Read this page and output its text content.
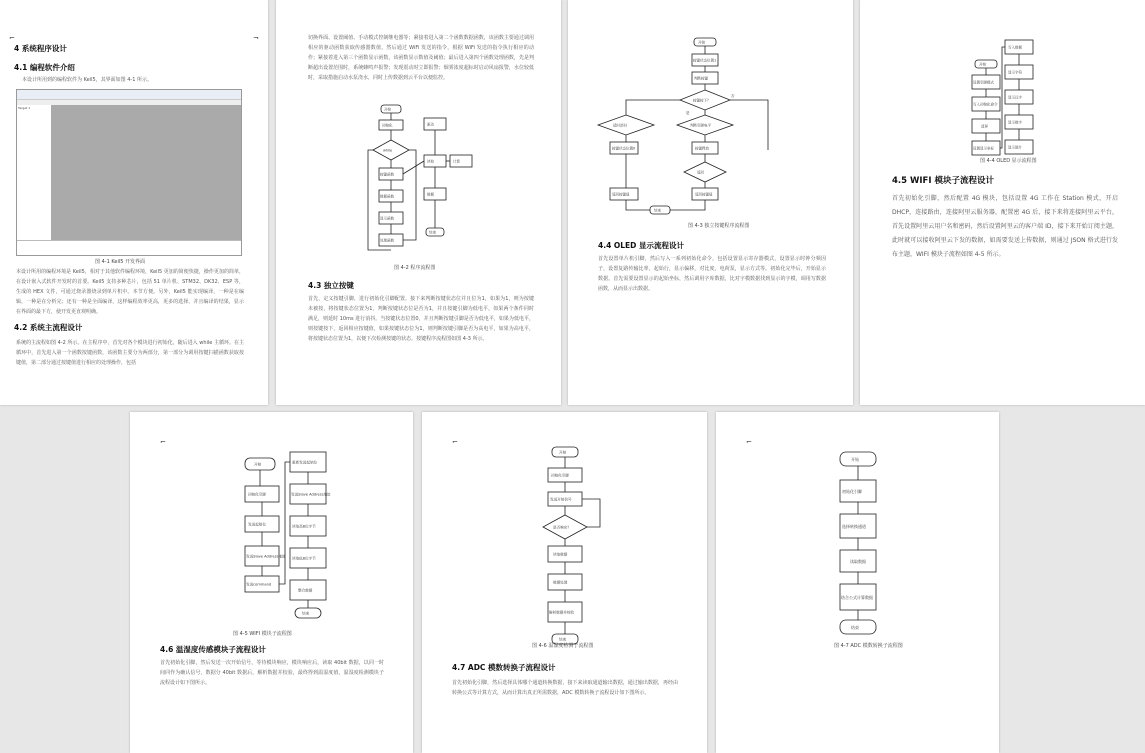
⌐	¬
4 系统程序设计
4.1 编程软件介绍
本设计所用到的编程软件为 Keil5，其界面如图 4-1 所示。
Target 1
图 4-1 Keil5 开发界面
本设计所用的编程环境是 Keil5，相对于其他软件编程环境，Keil5 更加的简便快捷，操作更加的简单，在设计嵌入式软件开发时的首要。Keil5 支持多种芯片，包括 51 单片机、STM32、DK32、ESP 等，生成的 HEX 文件，可通过烧录器烧录到单片机中。本节方便。另外，Keil5 能实现编译，一种是在编辑，一种是在分析完；还有一种是全面编译，这样编程效率更高，更多的选择，并且编译的结果，显示在界面的最下方，使开发更直观明确。
4.2 系统主流程设计
系统的主流程如图 4-2 所示。在主程序中，首先对各个模块进行初始化，随后进入 while 主循环。在主循环中，首先进入第一个函数按键函数，该函数主要分为两部分，第一部分为调用按键扫描函数获取按键值，第二部分通过按键值进行相应的处理操作，包括
切换界面、设置阈值、手动模式控制继电器等；紧接着进入第二个函数数据函数，该函数主要通过调用相应的驱动函数获取传感器数值，然后通过 WiFi 发送的指令，根据 WiFi 发送的指令执行相应的动作；紧接着进入第三个函数显示函数，该函数显示数值及阈值；最后进入第四个函数处理函数，先是判断超出设置范围时，系统蜂鸣声报警；发现震动时立即报警；烟雾浓度超标时启动风扇报警，水位较低时，采取措施启动水泵浇水，同时上传数据到云平台以便监控。
开始
初始化
while
按键函数
数据函数
显示函数
处理函数
驱动
读取	计算
数据
结束
图 4-2 程序流程图
4.3 独立按键
首先，定义按键引脚，进行初始化引脚配置。接下来判断按键状态位并且位为1，如果为1，则为按键未被按，将按键状态位置为1，判断按键状态位是否为1，并且按键引脚为低电平，如果两个条件同时满足，则延时 10ms 进行消抖。当按键状态位置0，并且判断按键引脚是否为低电平，如果为低电平，则按键按下，返回相应按键值，如果按键状态位为1，则判断按键引脚是否为高电平，如果为高电平，将按键状态位置为1，以便下次检测按键的状态。按键程序流程图如图 4-3 所示。
开始
按键状态位置1
判断按键
按键按下？
否
是
延时消抖	判断引脚电平
按键状态位置0	按键释放
返回
返回按键值	返回按键值
结束
图 4-3 独立按键程序流程图
4.4 OLED 显示流程设计
首先设置单片机引脚，然后写入一系列初始化命令，包括设置显示寄存器模式，设置显示时钟分频因子，设置复路传输比率，起始行，显示偏移，对比度，电荷泵，显示方式等。初始化完毕后，开始显示数据。首先需要设置显示的起始坐标，然后调用字库数据，比对字模数据找到显示的字模，调用写数据函数，从而显示出数据。
开始
设置引脚模式
写入初始化命令
清屏
设置显示坐标
写入数据
显示字符
显示汉字
显示数字
显示图片
图 4-4 OLED 显示流程图
4.5 WIFI 模块子流程设计
首先初始化引脚，然后配置 4G 模块，包括设置 4G 工作在 Station 模式，开启 DHCP，连接路由，连接阿里云服务器，配置密 4G 后，接下来将连接阿里云平台，首先设置阿里云用户名和密码，然后设置阿里云的客户端 ID，接下来开始订阅主题，此时就可以接收阿里云下发的数据，如需要发送上传数据，则通过 JSON 格式进行发布主题，WIFI 模块子流程如图 4-5 所示。
⌐
开始
初始化引脚
发送起始位
发送Slave Address地址
发送command
重新发送起始位
发送Slave Address地址
读取高8位字节
读取低8位字节
整合数据
结束
图 4-5 WIFI 模块子流程图
4.6 温湿度传感模块子流程设计
首先初始化引脚，然后发送一次开始信号，等待模块响应，模块响应后，读取 40bit 数据，以同一时间同作为确认信号，数据分 40bit 数据后，解析数据并校验，最终得到温湿度值，温湿度检测模块子流程设计如下图所示。
⌐
开始
初始化引脚
发送开始信号
是否响应？
读取数据
数据处理
解析数据并校验
结束
图 4-6 温湿度检测子流程图
4.7 ADC 模数转换子流程设计
首先初始化引脚，然后选择具体哪个通道转换数据，接下来读取通道输出数据，通过输出数据，再经由转换公式等计算方式，从而计算出真正所需数据，ADC 模数转换子流程设计如下图所示。
⌐
开始
初始化引脚
选择转换通道
读取数据
结合公式计算数据
结束
图 4-7 ADC 模数转换子流程图
